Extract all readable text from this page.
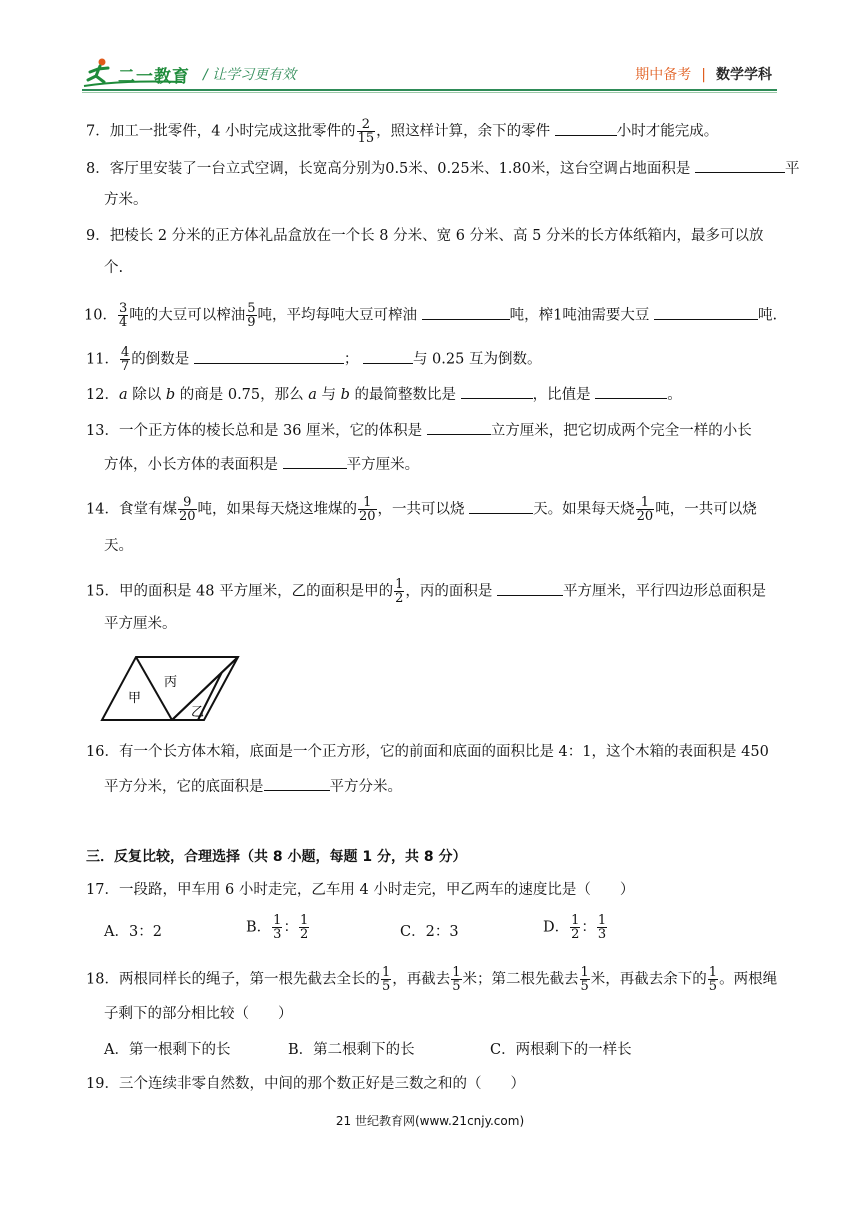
二一教育 / 让学习更有效	期中备考 | 数学学科
7．加工一批零件，4 小时完成这批零件的 $\frac{2}{15}$ ，照这样计算，余下的零件	小时才能完成。
8．客厅里安装了一台立式空调，长宽高分别为0.5米、0.25米、1.80米，这台空调占地面积是	平
方米。
9．把棱长 2 分米的正方体礼品盒放在一个长 8 分米、宽 6 分米、高 5 分米的长方体纸箱内，最多可以放
个.
10． $\frac{3}{4}$ 吨的大豆可以榨油 $\frac{5}{9}$ 吨，平均每吨大豆可榨油	吨，榨1吨油需要大豆	吨.
11． $\frac{4}{7}$ 的倒数是	；	与 0.25 互为倒数。
12．a 除以 b 的商是 0.75，那么 a 与 b 的最简整数比是	，比值是	。
13．一个正方体的棱长总和是 36 厘米，它的体积是	立方厘米，把它切成两个完全一样的小长
方体，小长方体的表面积是	平方厘米。
14．食堂有煤 $\frac{9}{20}$ 吨，如果每天烧这堆煤的 $\frac{1}{20}$ ，一共可以烧	天。如果每天烧 $\frac{1}{20}$ 吨，一共可以烧
天。
15．甲的面积是 48 平方厘米，乙的面积是甲的 $\frac{1}{2}$ ，丙的面积是	平方厘米，平行四边形总面积是
平方厘米。
甲
丙
乙
16．有一个长方体木箱，底面是一个正方形，它的前面和底面的面积比是 4：1，这个木箱的表面积是 450
平方分米，它的底面积是	平方分米。
三．反复比较，合理选择（共 8 小题，每题 1 分，共 8 分）
17．一段路，甲车用 6 小时走完，乙车用 4 小时走完，甲乙两车的速度比是（　　）
A．3：2	B． $\frac{1}{3}$ ： $\frac{1}{2}$	C．2：3	D． $\frac{1}{2}$ ： $\frac{1}{3}$
18．两根同样长的绳子，第一根先截去全长的 $\frac{1}{5}$ ，再截去 $\frac{1}{5}$ 米；第二根先截去 $\frac{1}{5}$ 米，再截去余下的 $\frac{1}{5}$ 。两根绳
子剩下的部分相比较（　　）
A．第一根剩下的长	B．第二根剩下的长	C．两根剩下的一样长
19．三个连续非零自然数，中间的那个数正好是三数之和的（　　）
21 世纪教育网(www.21cnjy.com)
